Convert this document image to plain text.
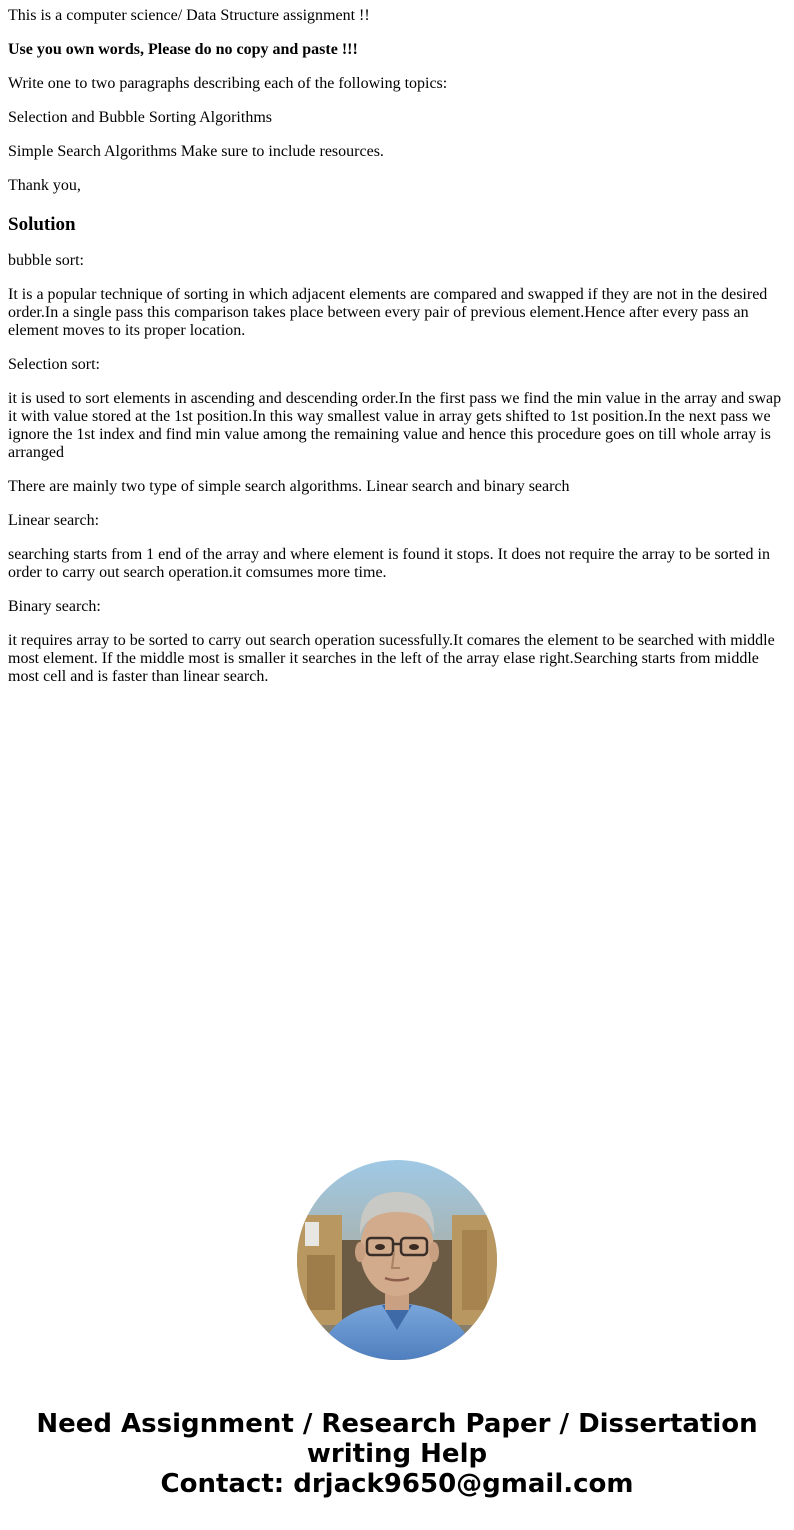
This is a computer science/ Data Structure assignment !!

Use you own words, Please do no copy and paste !!!

Write one to two paragraphs describing each of the following topics:

Selection and Bubble Sorting Algorithms

Simple Search Algorithms Make sure to include resources.

Thank you,

Solution

bubble sort:

It is a popular technique of sorting in which adjacent elements are compared and swapped if they are not in the desired order.In a single pass this comparison takes place between every pair of previous element.Hence after every pass an element moves to its proper location.

Selection sort:

it is used to sort elements in ascending and descending order.In the first pass we find the min value in the array and swap it with value stored at the 1st position.In this way smallest value in array gets shifted to 1st position.In the next pass we ignore the 1st index and find min value among the remaining value and hence this procedure goes on till whole array is arranged

There are mainly two type of simple search algorithms. Linear search and binary search

Linear search:

searching starts from 1 end of the array and where element is found it stops. It does not require the array to be sorted in order to carry out search operation.it comsumes more time.

Binary search:

it requires array to be sorted to carry out search operation sucessfully.It comares the element to be searched with middle most element. If the middle most is smaller it searches in the left of the array elase right.Searching starts from middle most cell and is faster than linear search.

Need Assignment / Research Paper / Dissertation
writing Help
Contact: drjack9650@gmail.com
